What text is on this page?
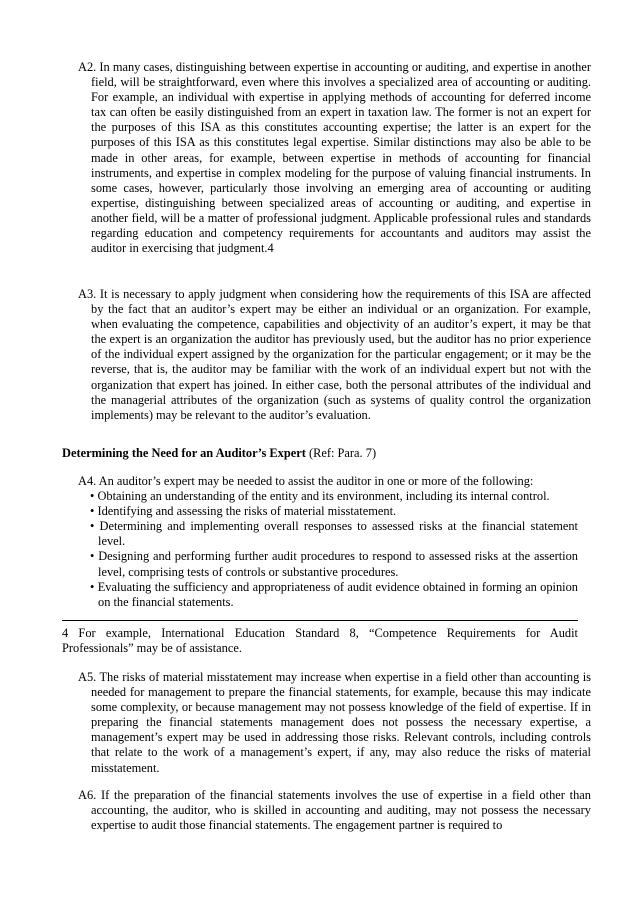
A2. In many cases, distinguishing between expertise in accounting or auditing, and expertise in another field, will be straightforward, even where this involves a specialized area of accounting or auditing. For example, an individual with expertise in applying methods of accounting for deferred income tax can often be easily distinguished from an expert in taxation law. The former is not an expert for the purposes of this ISA as this constitutes accounting expertise; the latter is an expert for the purposes of this ISA as this constitutes legal expertise. Similar distinctions may also be able to be made in other areas, for example, between expertise in methods of accounting for financial instruments, and expertise in complex modeling for the purpose of valuing financial instruments. In some cases, however, particularly those involving an emerging area of accounting or auditing expertise, distinguishing between specialized areas of accounting or auditing, and expertise in another field, will be a matter of professional judgment. Applicable professional rules and standards regarding education and competency requirements for accountants and auditors may assist the auditor in exercising that judgment.4
A3. It is necessary to apply judgment when considering how the requirements of this ISA are affected by the fact that an auditor’s expert may be either an individual or an organization. For example, when evaluating the competence, capabilities and objectivity of an auditor’s expert, it may be that the expert is an organization the auditor has previously used, but the auditor has no prior experience of the individual expert assigned by the organization for the particular engagement; or it may be the reverse, that is, the auditor may be familiar with the work of an individual expert but not with the organization that expert has joined. In either case, both the personal attributes of the individual and the managerial attributes of the organization (such as systems of quality control the organization implements) may be relevant to the auditor’s evaluation.
Determining the Need for an Auditor’s Expert (Ref: Para. 7)
A4. An auditor’s expert may be needed to assist the auditor in one or more of the following:
• Obtaining an understanding of the entity and its environment, including its internal control.
• Identifying and assessing the risks of material misstatement.
• Determining and implementing overall responses to assessed risks at the financial statement level.
• Designing and performing further audit procedures to respond to assessed risks at the assertion level, comprising tests of controls or substantive procedures.
• Evaluating the sufficiency and appropriateness of audit evidence obtained in forming an opinion on the financial statements.
4 For example, International Education Standard 8, “Competence Requirements for Audit Professionals” may be of assistance.
A5. The risks of material misstatement may increase when expertise in a field other than accounting is needed for management to prepare the financial statements, for example, because this may indicate some complexity, or because management may not possess knowledge of the field of expertise. If in preparing the financial statements management does not possess the necessary expertise, a management’s expert may be used in addressing those risks. Relevant controls, including controls that relate to the work of a management’s expert, if any, may also reduce the risks of material misstatement.
A6. If the preparation of the financial statements involves the use of expertise in a field other than accounting, the auditor, who is skilled in accounting and auditing, may not possess the necessary expertise to audit those financial statements. The engagement partner is required to
